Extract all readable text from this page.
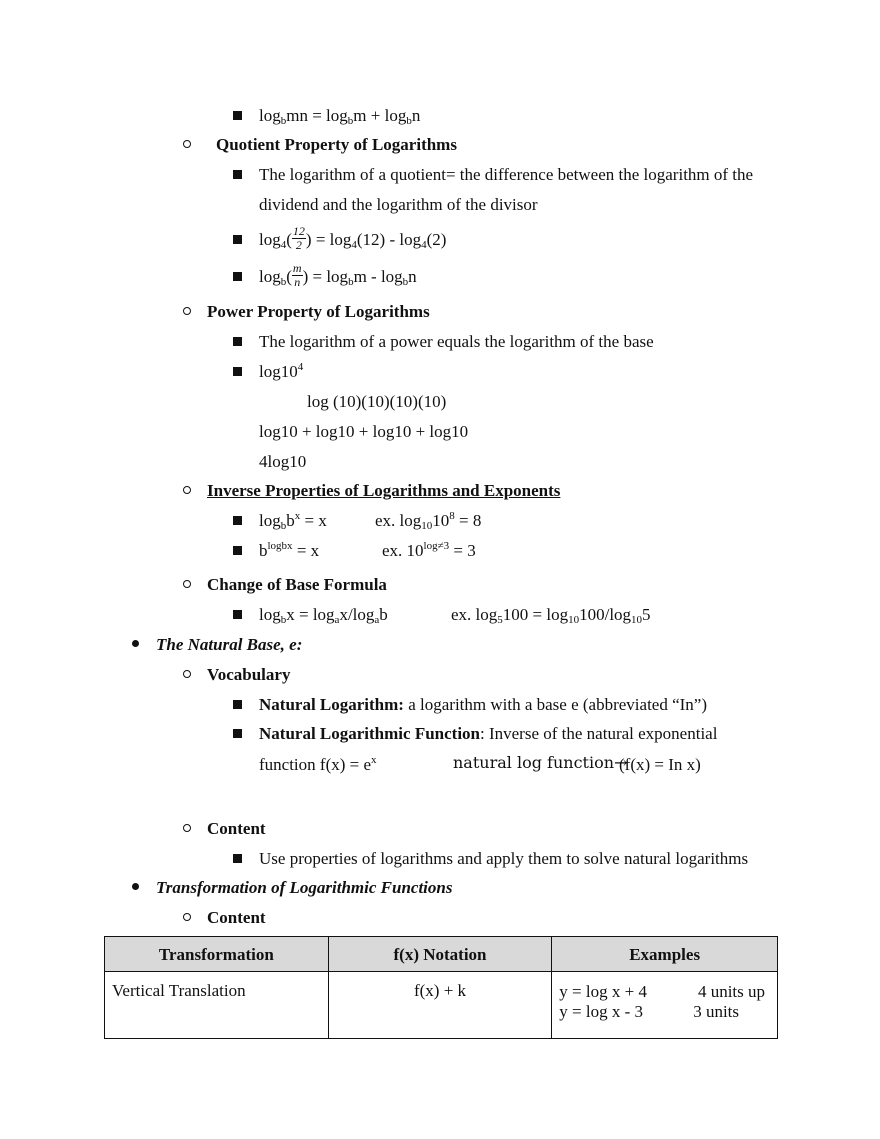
$\log_bmn = \log_bm + \log_bn$
Quotient Property of Logarithms
The logarithm of a quotient= the difference between the logarithm of the
dividend and the logarithm of the divisor
$\log_4( \frac{12}{2}$ ) = $\log_4(12) - \log_4(2)$
$\log_b( \frac{m}{n}$ ) = $\log_bm - \log_bn$
Power Property of Logarithms
The logarithm of a power equals the logarithm of the base
$\log 10^4$
log (10)(10)(10)(10)
log10 + log10 + log10 + log10
4log10
Inverse Properties of Logarithms and Exponents
$\log_bb^x = x$	ex. $\log_{10}10^8 = 8$
$b^{logbx} = x$	ex. $10^{log\ne 3} = 3$
Change of Base Formula
$\log_bx = \log_ax/\log_ab$	ex. $\log_5100 = \log_{10}100/\log_{10}5$
The Natural Base, e:
Vocabulary
Natural Logarithm: a logarithm with a base e (abbreviated “In”)
Natural Logarithmic Function: Inverse of the natural exponential
function $f(x) = e^x$	natural log function→
(f(x) = In x)
Content
Use properties of logarithms and apply them to solve natural logarithms
Transformation of Logarithmic Functions
Content
Transformation	f(x) Notation	Examples
Vertical Translation	f(x) + k	y = log x + 4 4 units up
y = log x - 3 3 units
